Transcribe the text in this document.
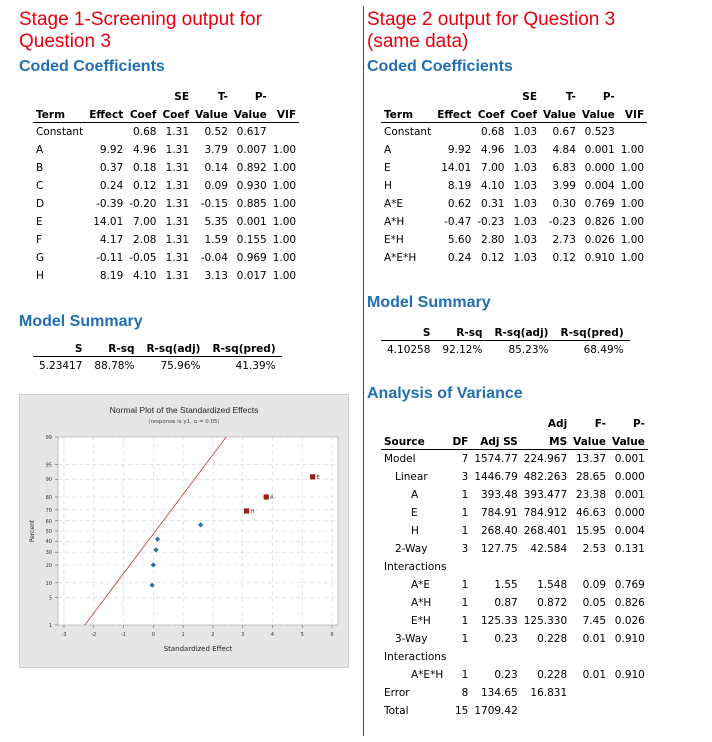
Stage 1-Screening output for
Question 3
Coded Coefficients
			SE	T-	P-	
Term	Effect	Coef	Coef	Value	Value	VIF
Constant		0.68	1.31	0.52	0.617	
A	9.92	4.96	1.31	3.79	0.007	1.00
B	0.37	0.18	1.31	0.14	0.892	1.00
C	0.24	0.12	1.31	0.09	0.930	1.00
D	-0.39	-0.20	1.31	-0.15	0.885	1.00
E	14.01	7.00	1.31	5.35	0.001	1.00
F	4.17	2.08	1.31	1.59	0.155	1.00
G	-0.11	-0.05	1.31	-0.04	0.969	1.00
H	8.19	4.10	1.31	3.13	0.017	1.00
Model Summary
S	R-sq	R-sq(adj)	R-sq(pred)
5.23417	88.78%	75.96%	41.39%
1
5
10
20
30
40
50
60
70
80
90
95
99
-3	-2	-1	0	1	2	3	4	5	6
H
A
E
Normal Plot of the Standardized Effects
(response is y1, α = 0.05)
Standardized Effect
Percent
Stage 2 output for Question 3
(same data)
Coded Coefficients
			SE	T-	P-	
Term	Effect	Coef	Coef	Value	Value	VIF
Constant		0.68	1.03	0.67	0.523	
A	9.92	4.96	1.03	4.84	0.001	1.00
E	14.01	7.00	1.03	6.83	0.000	1.00
H	8.19	4.10	1.03	3.99	0.004	1.00
A*E	0.62	0.31	1.03	0.30	0.769	1.00
A*H	-0.47	-0.23	1.03	-0.23	0.826	1.00
E*H	5.60	2.80	1.03	2.73	0.026	1.00
A*E*H	0.24	0.12	1.03	0.12	0.910	1.00
Model Summary
S	R-sq	R-sq(adj)	R-sq(pred)
4.10258	92.12%	85.23%	68.49%
Analysis of Variance
			Adj	F-	P-
Source	DF	Adj SS	MS	Value	Value
Model	7	1574.77	224.967	13.37	0.001
Linear	3	1446.79	482.263	28.65	0.000
A	1	393.48	393.477	23.38	0.001
E	1	784.91	784.912	46.63	0.000
H	1	268.40	268.401	15.95	0.004
2-Way	3	127.75	42.584	2.53	0.131
Interactions					
A*E	1	1.55	1.548	0.09	0.769
A*H	1	0.87	0.872	0.05	0.826
E*H	1	125.33	125.330	7.45	0.026
3-Way	1	0.23	0.228	0.01	0.910
Interactions					
A*E*H	1	0.23	0.228	0.01	0.910
Error	8	134.65	16.831		
Total	15	1709.42			
